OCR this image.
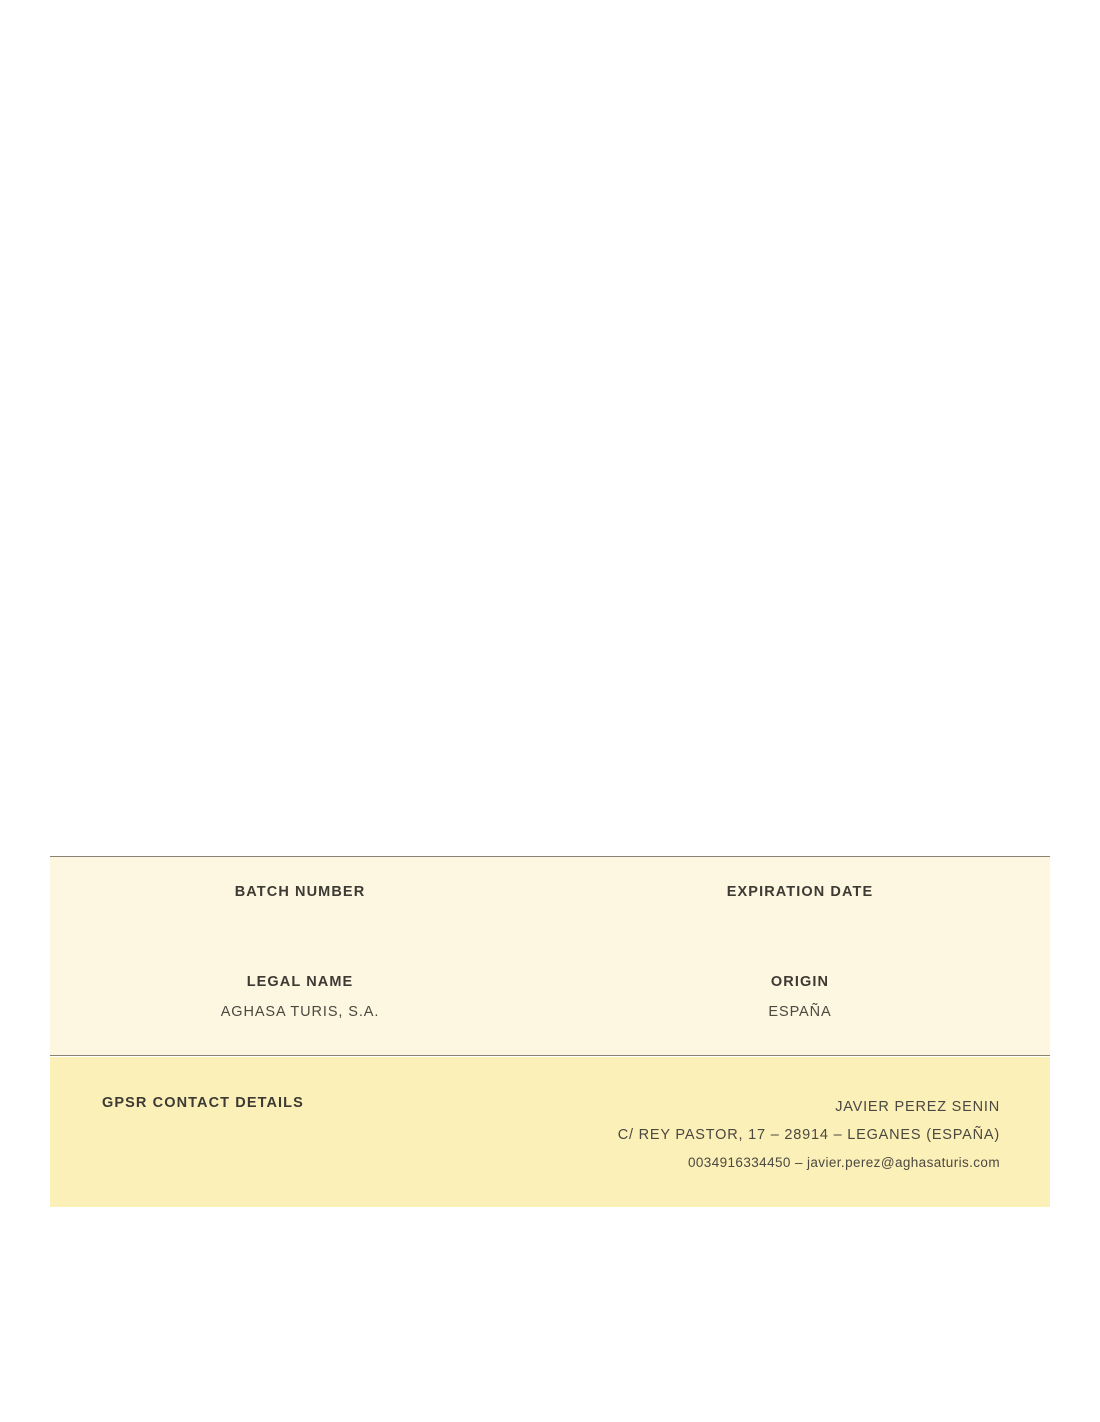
BATCH NUMBER	EXPIRATION DATE
LEGAL NAME
AGHASA TURIS, S.A.
ORIGIN
ESPAÑA
GPSR CONTACT DETAILS	JAVIER PEREZ SENIN
C/ REY PASTOR, 17 – 28914 – LEGANES (ESPAÑA)
0034916334450 – javier.perez@aghasaturis.com
